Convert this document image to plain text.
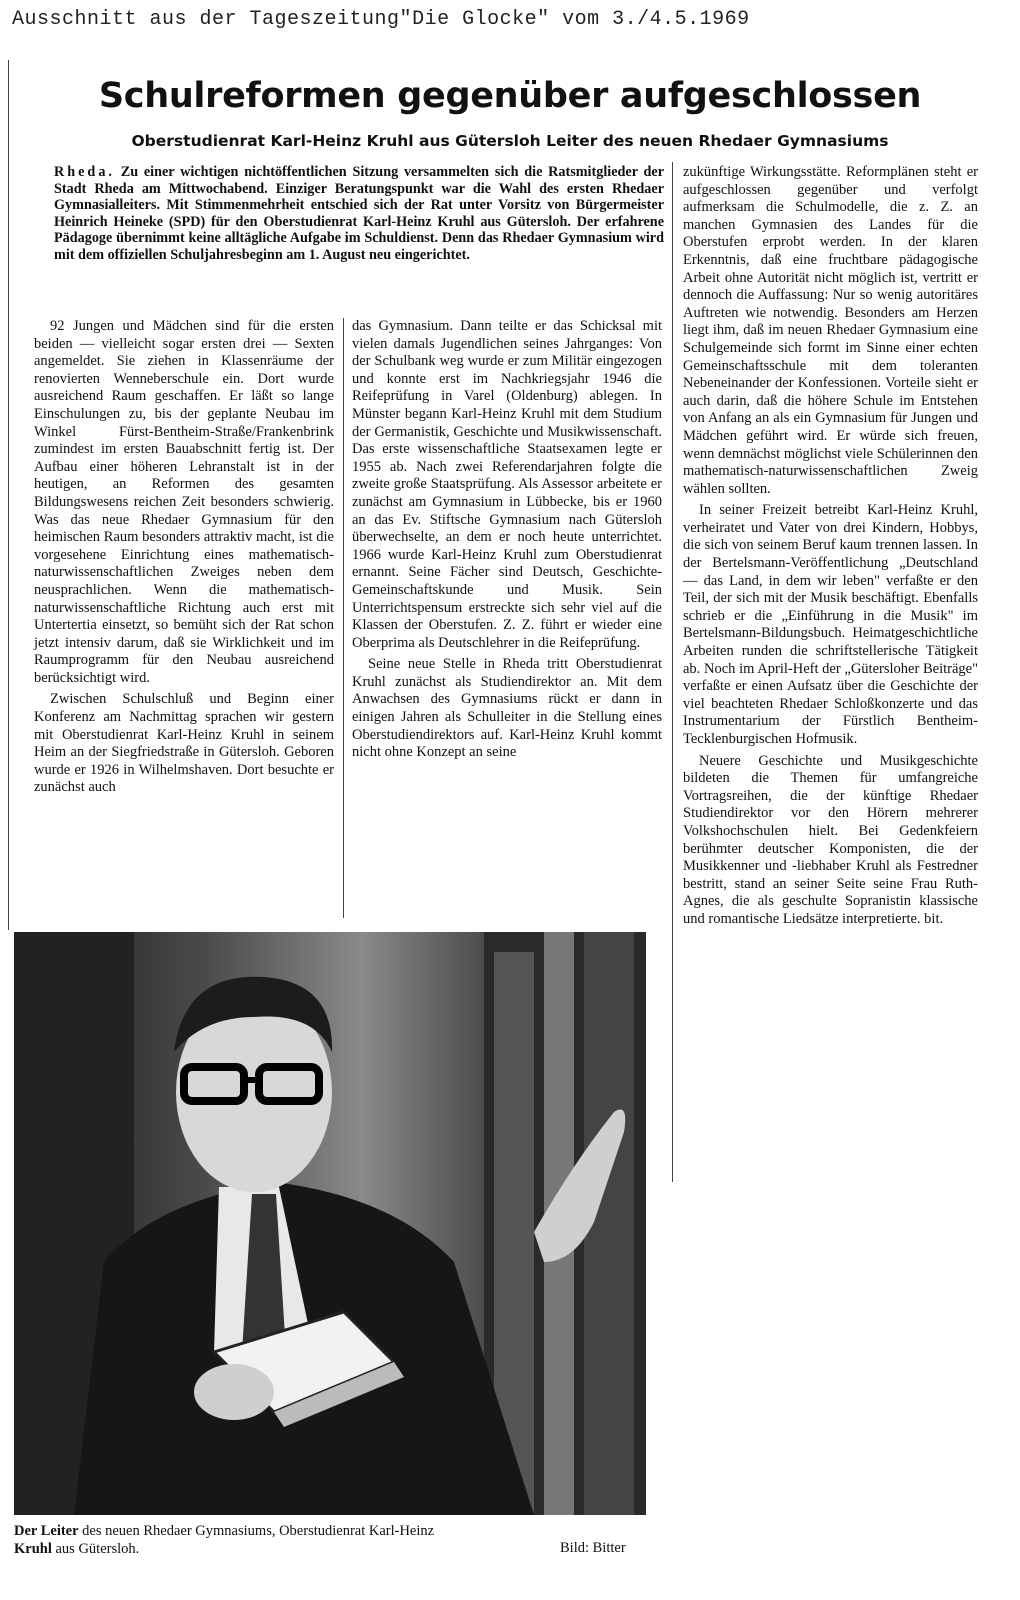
Ausschnitt aus der Tageszeitung"Die Glocke" vom 3./4.5.1969
Schulreformen gegenüber aufgeschlossen
Oberstudienrat Karl-Heinz Kruhl aus Gütersloh Leiter des neuen Rhedaer Gymnasiums
Rheda. Zu einer wichtigen nichtöffentlichen Sitzung versammelten sich die Ratsmitglieder der Stadt Rheda am Mittwochabend. Einziger Beratungspunkt war die Wahl des ersten Rhedaer Gymnasialleiters. Mit Stimmenmehrheit entschied sich der Rat unter Vorsitz von Bürgermeister Heinrich Heineke (SPD) für den Oberstudienrat Karl-Heinz Kruhl aus Gütersloh. Der erfahrene Pädagoge übernimmt keine alltägliche Aufgabe im Schuldienst. Denn das Rhedaer Gymnasium wird mit dem offiziellen Schuljahresbeginn am 1. August neu eingerichtet.

92 Jungen und Mädchen sind für die ersten beiden — vielleicht sogar ersten drei — Sexten angemeldet. Sie ziehen in Klassenräume der renovierten Wenneberschule ein. Dort wurde ausreichend Raum geschaffen. Er läßt so lange Einschulungen zu, bis der geplante Neubau im Winkel Fürst-Bentheim-Straße/Frankenbrink zumindest im ersten Bauabschnitt fertig ist. Der Aufbau einer höheren Lehranstalt ist in der heutigen, an Reformen des gesamten Bildungswesens reichen Zeit besonders schwierig. Was das neue Rhedaer Gymnasium für den heimischen Raum besonders attraktiv macht, ist die vorgesehene Einrichtung eines mathematisch-naturwissenschaftlichen Zweiges neben dem neusprachlichen. Wenn die mathematisch-naturwissenschaftliche Richtung auch erst mit Untertertia einsetzt, so bemüht sich der Rat schon jetzt intensiv darum, daß sie Wirklichkeit und im Raumprogramm für den Neubau ausreichend berücksichtigt wird.

Zwischen Schulschluß und Beginn einer Konferenz am Nachmittag sprachen wir gestern mit Oberstudienrat Karl-Heinz Kruhl in seinem Heim an der Siegfriedstraße in Gütersloh. Geboren wurde er 1926 in Wilhelmshaven. Dort besuchte er zunächst auch

das Gymnasium. Dann teilte er das Schicksal mit vielen damals Jugendlichen seines Jahrganges: Von der Schulbank weg wurde er zum Militär eingezogen und konnte erst im Nachkriegsjahr 1946 die Reifeprüfung in Varel (Oldenburg) ablegen. In Münster begann Karl-Heinz Kruhl mit dem Studium der Germanistik, Geschichte und Musikwissenschaft. Das erste wissenschaftliche Staatsexamen legte er 1955 ab. Nach zwei Referendarjahren folgte die zweite große Staatsprüfung. Als Assessor arbeitete er zunächst am Gymnasium in Lübbecke, bis er 1960 an das Ev. Stiftsche Gymnasium nach Gütersloh überwechselte, an dem er noch heute unterrichtet. 1966 wurde Karl-Heinz Kruhl zum Oberstudienrat ernannt. Seine Fächer sind Deutsch, Geschichte-Gemeinschaftskunde und Musik. Sein Unterrichtspensum erstreckte sich sehr viel auf die Klassen der Oberstufen. Z. Z. führt er wieder eine Oberprima als Deutschlehrer in die Reifeprüfung.

Seine neue Stelle in Rheda tritt Oberstudienrat Kruhl zunächst als Studiendirektor an. Mit dem Anwachsen des Gymnasiums rückt er dann in einigen Jahren als Schulleiter in die Stellung eines Oberstudiendirektors auf. Karl-Heinz Kruhl kommt nicht ohne Konzept an seine

zukünftige Wirkungsstätte. Reformplänen steht er aufgeschlossen gegenüber und verfolgt aufmerksam die Schulmodelle, die z. Z. an manchen Gymnasien des Landes für die Oberstufen erprobt werden. In der klaren Erkenntnis, daß eine fruchtbare pädagogische Arbeit ohne Autorität nicht möglich ist, vertritt er dennoch die Auffassung: Nur so wenig autoritäres Auftreten wie notwendig. Besonders am Herzen liegt ihm, daß im neuen Rhedaer Gymnasium eine Schulgemeinde sich formt im Sinne einer echten Gemeinschaftsschule mit dem toleranten Nebeneinander der Konfessionen. Vorteile sieht er auch darin, daß die höhere Schule im Entstehen von Anfang an als ein Gymnasium für Jungen und Mädchen geführt wird. Er würde sich freuen, wenn demnächst möglichst viele Schülerinnen den mathematisch-naturwissenschaftlichen Zweig wählen sollten.

In seiner Freizeit betreibt Karl-Heinz Kruhl, verheiratet und Vater von drei Kindern, Hobbys, die sich von seinem Beruf kaum trennen lassen. In der Bertelsmann-Veröffentlichung „Deutschland — das Land, in dem wir leben" verfaßte er den Teil, der sich mit der Musik beschäftigt. Ebenfalls schrieb er die „Einführung in die Musik" im Bertelsmann-Bildungsbuch. Heimatgeschichtliche Arbeiten runden die schriftstellerische Tätigkeit ab. Noch im April-Heft der „Gütersloher Beiträge" verfaßte er einen Aufsatz über die Geschichte der viel beachteten Rhedaer Schloßkonzerte und das Instrumentarium der Fürstlich Bentheim-Tecklenburgischen Hofmusik.

Neuere Geschichte und Musikgeschichte bildeten die Themen für umfangreiche Vortragsreihen, die der künftige Rhedaer Studiendirektor vor den Hörern mehrerer Volkshochschulen hielt. Bei Gedenkfeiern berühmter deutscher Komponisten, die der Musikkenner und -liebhaber Kruhl als Festredner bestritt, stand an seiner Seite seine Frau Ruth-Agnes, die als geschulte Sopranistin klassische und romantische Liedsätze interpretierte. bit.

Der Leiter des neuen Rhedaer Gymnasiums, Oberstudienrat Karl-Heinz
Kruhl aus Gütersloh.	Bild: Bitter
